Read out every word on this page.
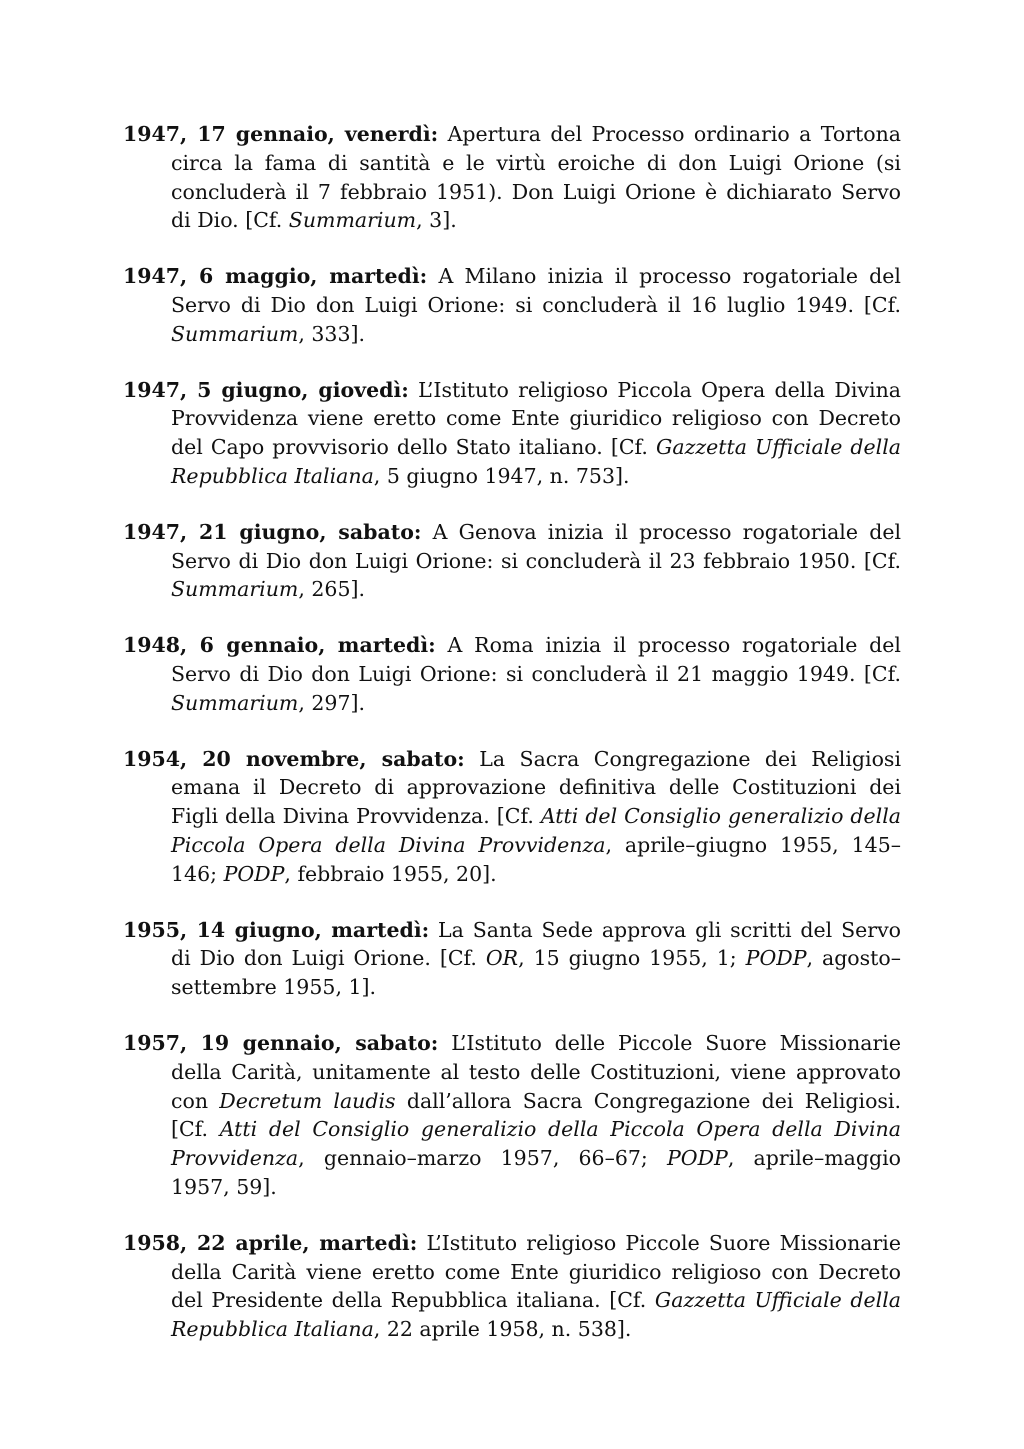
1947, 17 gennaio, venerdì: Apertura del Processo ordinario a Tortona circa la fama di santità e le virtù eroiche di don Luigi Orione (si concluderà il 7 febbraio 1951). Don Luigi Orione è dichiarato Servo di Dio. [Cf. Summarium, 3].

1947, 6 maggio, martedì: A Milano inizia il processo rogatoriale del Servo di Dio don Luigi Orione: si concluderà il 16 luglio 1949. [Cf. Summarium, 333].

1947, 5 giugno, giovedì: L’Istituto religioso Piccola Opera della Divina Provvidenza viene eretto come Ente giuridico religioso con Decreto del Capo provvisorio dello Stato italiano. [Cf. Gazzetta Ufficiale della Repubblica Italiana, 5 giugno 1947, n. 753].

1947, 21 giugno, sabato: A Genova inizia il processo rogatoriale del Servo di Dio don Luigi Orione: si concluderà il 23 febbraio 1950. [Cf. Summarium, 265].

1948, 6 gennaio, martedì: A Roma inizia il processo rogatoriale del Servo di Dio don Luigi Orione: si concluderà il 21 maggio 1949. [Cf. Summarium, 297].

1954, 20 novembre, sabato: La Sacra Congregazione dei Religiosi emana il Decreto di approvazione definitiva delle Costituzioni dei Figli della Divina Provvidenza. [Cf. Atti del Consiglio generalizio della Piccola Opera della Divina Provvidenza, aprile–giugno 1955, 145–146; PODP, febbraio 1955, 20].

1955, 14 giugno, martedì: La Santa Sede approva gli scritti del Servo di Dio don Luigi Orione. [Cf. OR, 15 giugno 1955, 1; PODP, agosto–settembre 1955, 1].

1957, 19 gennaio, sabato: L’Istituto delle Piccole Suore Missionarie della Carità, unitamente al testo delle Costituzioni, viene approvato con Decretum laudis dall’allora Sacra Congregazione dei Religiosi. [Cf. Atti del Consiglio generalizio della Piccola Opera della Divina Provvidenza, gennaio–marzo 1957, 66–67; PODP, aprile–maggio 1957, 59].

1958, 22 aprile, martedì: L’Istituto religioso Piccole Suore Missionarie della Carità viene eretto come Ente giuridico religioso con Decreto del Presidente della Repubblica italiana. [Cf. Gazzetta Ufficiale della Repubblica Italiana, 22 aprile 1958, n. 538].
